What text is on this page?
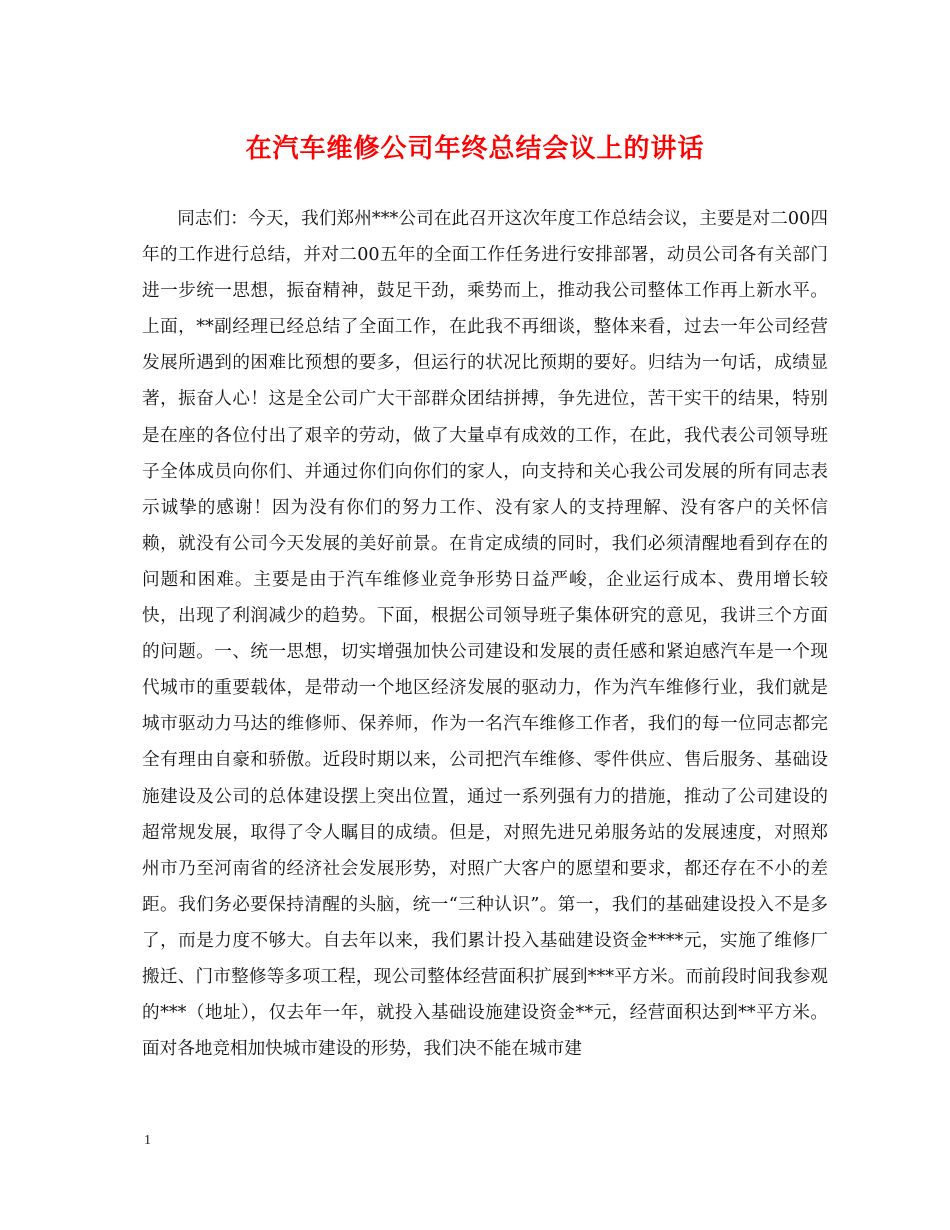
在汽车维修公司年终总结会议上的讲话

同志们：今天，我们郑州***公司在此召开这次年度工作总结会议，主要是对二00四年的工作进行总结，并对二00五年的全面工作任务进行安排部署，动员公司各有关部门进一步统一思想，振奋精神，鼓足干劲，乘势而上，推动我公司整体工作再上新水平。上面，**副经理已经总结了全面工作，在此我不再细谈，整体来看，过去一年公司经营发展所遇到的困难比预想的要多，但运行的状况比预期的要好。归结为一句话，成绩显著，振奋人心！这是全公司广大干部群众团结拼搏，争先进位，苦干实干的结果，特别是在座的各位付出了艰辛的劳动，做了大量卓有成效的工作，在此，我代表公司领导班子全体成员向你们、并通过你们向你们的家人，向支持和关心我公司发展的所有同志表示诚挚的感谢！因为没有你们的努力工作、没有家人的支持理解、没有客户的关怀信赖，就没有公司今天发展的美好前景。在肯定成绩的同时，我们必须清醒地看到存在的问题和困难。主要是由于汽车维修业竞争形势日益严峻，企业运行成本、费用增长较快，出现了利润减少的趋势。下面，根据公司领导班子集体研究的意见，我讲三个方面的问题。一、统一思想，切实增强加快公司建设和发展的责任感和紧迫感汽车是一个现代城市的重要载体，是带动一个地区经济发展的驱动力，作为汽车维修行业，我们就是城市驱动力马达的维修师、保养师，作为一名汽车维修工作者，我们的每一位同志都完全有理由自豪和骄傲。近段时期以来，公司把汽车维修、零件供应、售后服务、基础设施建设及公司的总体建设摆上突出位置，通过一系列强有力的措施，推动了公司建设的超常规发展，取得了令人瞩目的成绩。但是，对照先进兄弟服务站的发展速度，对照郑州市乃至河南省的经济社会发展形势，对照广大客户的愿望和要求，都还存在不小的差距。我们务必要保持清醒的头脑，统一“三种认识”。第一，我们的基础建设投入不是多了，而是力度不够大。自去年以来，我们累计投入基础建设资金****元，实施了维修厂搬迁、门市整修等多项工程，现公司整体经营面积扩展到***平方米。而前段时间我参观的***（地址），仅去年一年，就投入基础设施建设资金**元，经营面积达到**平方米。面对各地竞相加快城市建设的形势，我们决不能在城市建

1
